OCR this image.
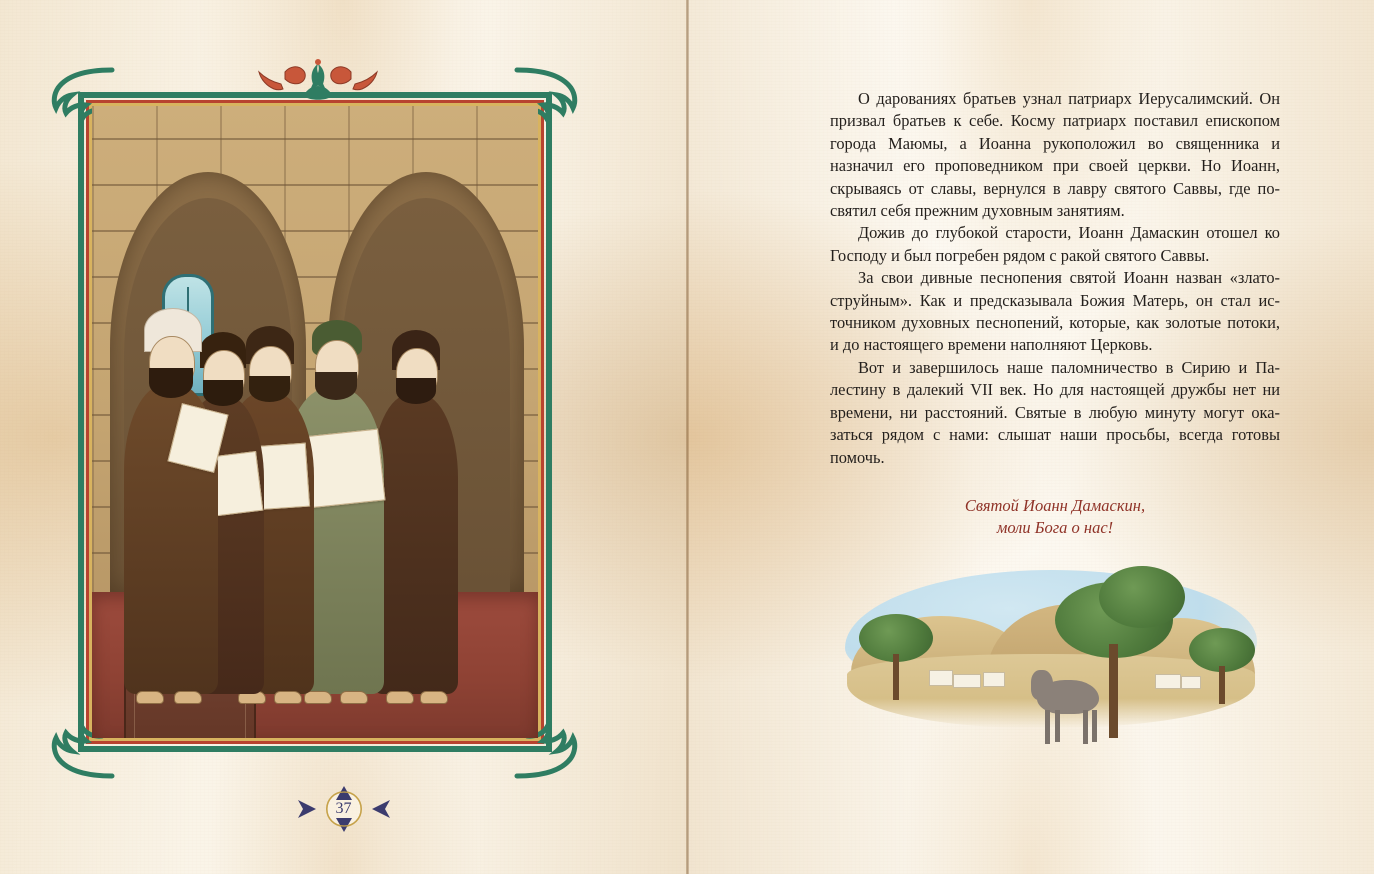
37

О дарованиях братьев узнал патриарх Иерусалимский. Он призвал братьев к себе. Косму патриарх поставил епископом города Маюмы, а Иоанна рукоположил во священника и назначил его проповедником при своей церкви. Но Иоанн, скрываясь от славы, вернулся в лавру святого Саввы, где посвятил себя прежним духовным занятиям.

Дожив до глубокой старости, Иоанн Дамаскин отошел ко Господу и был погребен рядом с ракой святого Саввы.

За свои дивные песнопения святой Иоанн назван «златоструйным». Как и предсказывала Божия Матерь, он стал источником духовных песнопений, которые, как золотые потоки, и до настоящего времени наполняют Церковь.

Вот и завершилось наше паломничество в Сирию и Палестину в далекий VII век. Но для настоящей дружбы нет ни времени, ни расстояний. Святые в любую минуту могут оказаться рядом с нами: слышат наши просьбы, всегда готовы помочь.

Святой Иоанн Дамаскин,
моли Бога о нас!
